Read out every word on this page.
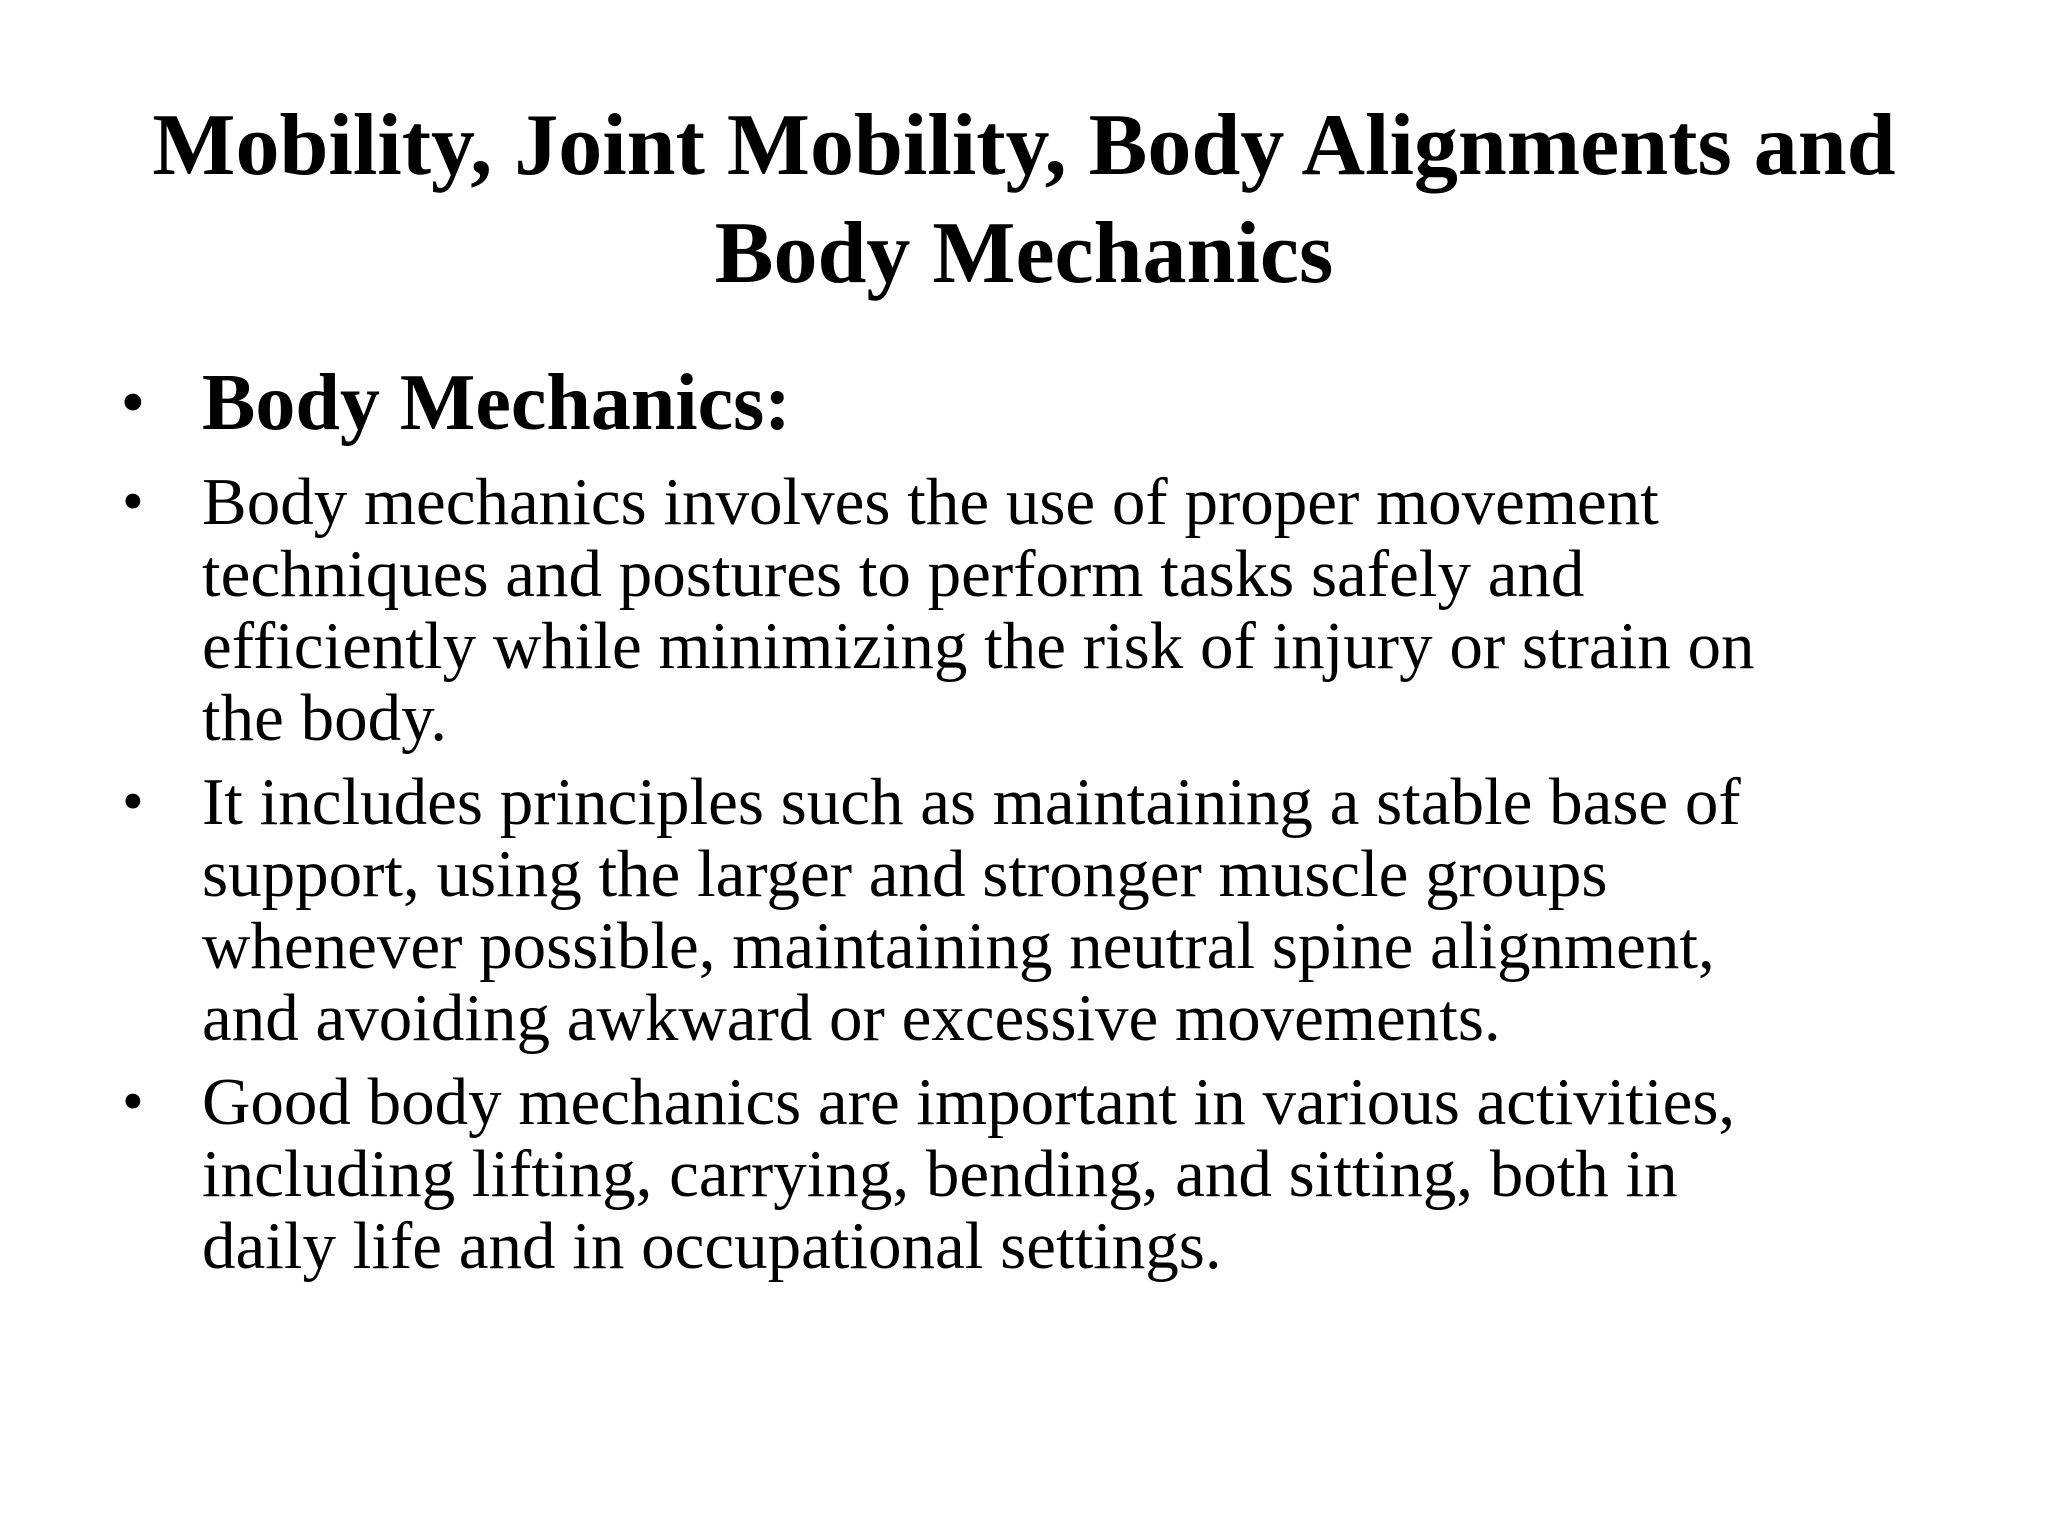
Mobility, Joint Mobility, Body Alignments and
Body Mechanics
• Body Mechanics:
• Body mechanics involves the use of proper movement
techniques and postures to perform tasks safely and
efficiently while minimizing the risk of injury or strain on
the body.
• It includes principles such as maintaining a stable base of
support, using the larger and stronger muscle groups
whenever possible, maintaining neutral spine alignment,
and avoiding awkward or excessive movements.
• Good body mechanics are important in various activities,
including lifting, carrying, bending, and sitting, both in
daily life and in occupational settings.
